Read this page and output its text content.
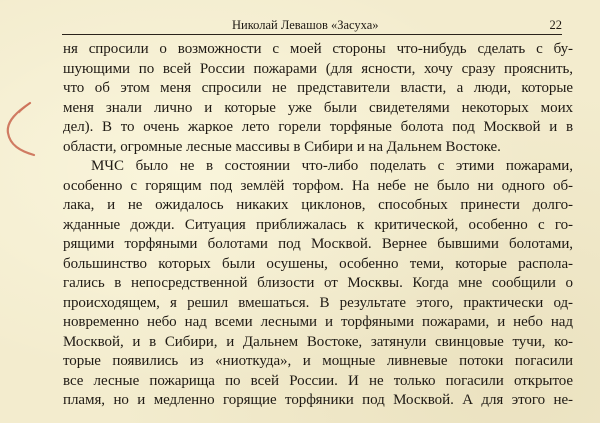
Николай Левашов «Засуха»	22
ня спросили о возможности с моей стороны что-нибудь сделать с бу-
шующими по всей России пожарами (для ясности, хочу сразу прояснить,
что об этом меня спросили не представители власти, а люди, которые
меня знали лично и которые уже были свидетелями некоторых моих
дел). В то очень жаркое лето горели торфяные болота под Москвой и в
области, огромные лесные массивы в Сибири и на Дальнем Востоке.
МЧС было не в состоянии что-либо поделать с этими пожарами,
особенно с горящим под землёй торфом. На небе не было ни одного об-
лака, и не ожидалось никаких циклонов, способных принести долго-
жданные дожди. Ситуация приближалась к критической, особенно с го-
рящими торфяными болотами под Москвой. Вернее бывшими болотами,
большинство которых были осушены, особенно теми, которые распола-
гались в непосредственной близости от Москвы. Когда мне сообщили о
происходящем, я решил вмешаться. В результате этого, практически од-
новременно небо над всеми лесными и торфяными пожарами, и небо над
Москвой, и в Сибири, и Дальнем Востоке, затянули свинцовые тучи, ко-
торые появились из «ниоткуда», и мощные ливневые потоки погасили
все лесные пожарища по всей России. И не только погасили открытое
пламя, но и медленно горящие торфяники под Москвой. А для этого не-
